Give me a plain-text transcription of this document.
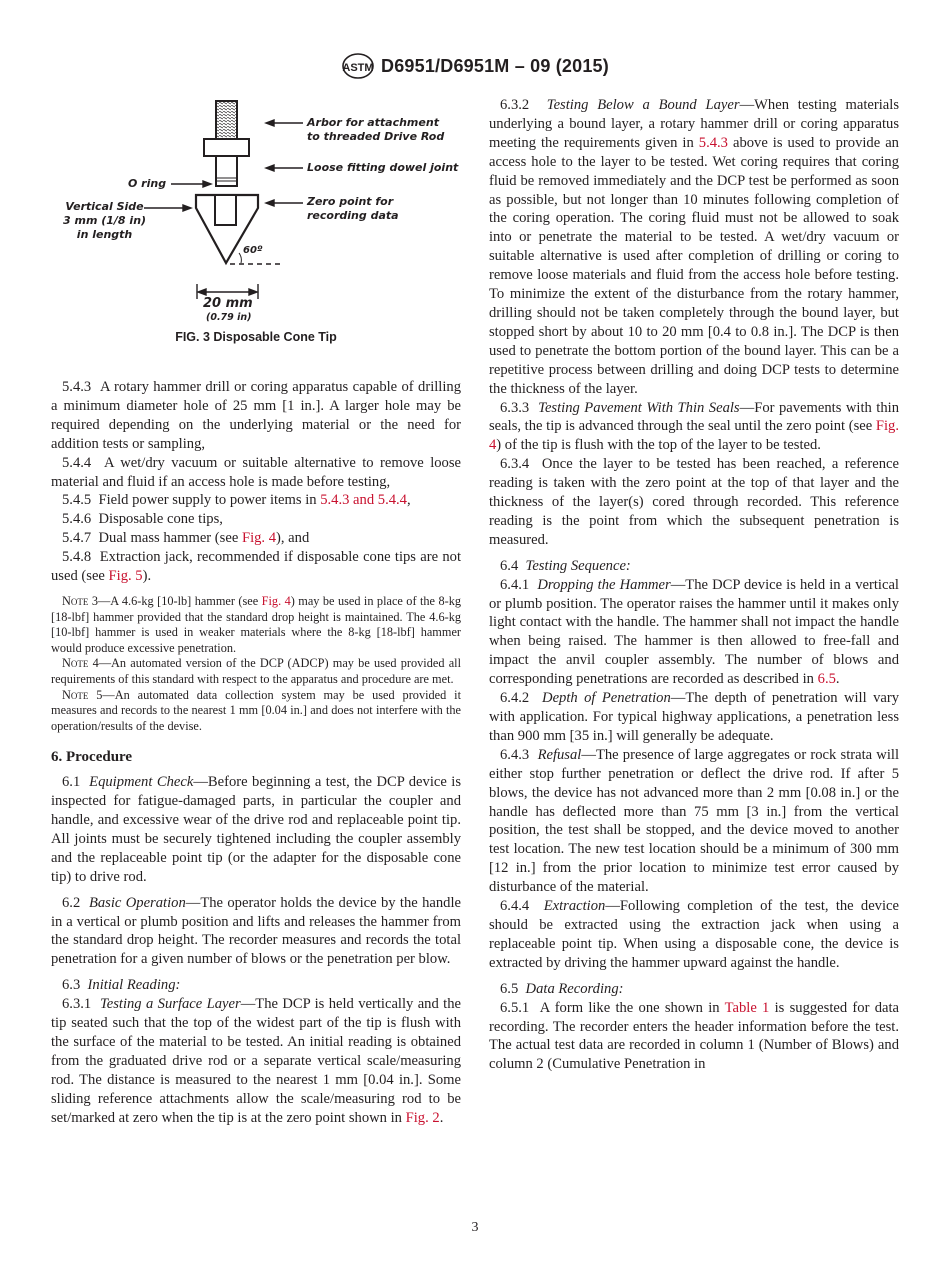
ASTM D6951/D6951M – 09 (2015)
Arbor for attachment
to threaded Drive Rod
Loose fitting dowel joint
O ring
Vertical Side
3 mm (1/8 in)
in length
Zero point for
recording data
60º
20 mm
(0.79 in)
FIG. 3 Disposable Cone Tip

5.4.3 A rotary hammer drill or coring apparatus capable of drilling a minimum diameter hole of 25 mm [1 in.]. A larger hole may be required depending on the underlying material or the need for addition tests or sampling,

5.4.4 A wet/dry vacuum or suitable alternative to remove loose material and fluid if an access hole is made before testing,

5.4.5 Field power supply to power items in 5.4.3 and 5.4.4,

5.4.6 Disposable cone tips,

5.4.7 Dual mass hammer (see Fig. 4), and

5.4.8 Extraction jack, recommended if disposable cone tips are not used (see Fig. 5).

Note 3—A 4.6-kg [10-lb] hammer (see Fig. 4) may be used in place of the 8-kg [18-lbf] hammer provided that the standard drop height is maintained. The 4.6-kg [10-lbf] hammer is used in weaker materials where the 8-kg [18-lbf] hammer would produce excessive penetration.

Note 4—An automated version of the DCP (ADCP) may be used provided all requirements of this standard with respect to the apparatus and procedure are met.

Note 5—An automated data collection system may be used provided it measures and records to the nearest 1 mm [0.04 in.] and does not interfere with the operation/results of the devise.

6. Procedure

6.1 Equipment Check—Before beginning a test, the DCP device is inspected for fatigue-damaged parts, in particular the coupler and handle, and excessive wear of the drive rod and replaceable point tip. All joints must be securely tightened including the coupler assembly and the replaceable point tip (or the adapter for the disposable cone tip) to drive rod.

6.2 Basic Operation—The operator holds the device by the handle in a vertical or plumb position and lifts and releases the hammer from the standard drop height. The recorder measures and records the total penetration for a given number of blows or the penetration per blow.

6.3 Initial Reading:

6.3.1 Testing a Surface Layer—The DCP is held vertically and the tip seated such that the top of the widest part of the tip is flush with the surface of the material to be tested. An initial reading is obtained from the graduated drive rod or a separate vertical scale/measuring rod. The distance is measured to the nearest 1 mm [0.04 in.]. Some sliding reference attachments allow the scale/measuring rod to be set/marked at zero when the tip is at the zero point shown in Fig. 2.

6.3.2 Testing Below a Bound Layer—When testing materials underlying a bound layer, a rotary hammer drill or coring apparatus meeting the requirements given in 5.4.3 above is used to provide an access hole to the layer to be tested. Wet coring requires that coring fluid be removed immediately and the DCP test be performed as soon as possible, but not longer than 10 minutes following completion of the coring operation. The coring fluid must not be allowed to soak into or penetrate the material to be tested. A wet/dry vacuum or suitable alternative is used after completion of drilling or coring to remove loose materials and fluid from the access hole before testing. To minimize the extent of the disturbance from the rotary hammer, drilling should not be taken completely through the bound layer, but stopped short by about 10 to 20 mm [0.4 to 0.8 in.]. The DCP is then used to penetrate the bottom portion of the bound layer. This can be a repetitive process between drilling and doing DCP tests to determine the thickness of the layer.

6.3.3 Testing Pavement With Thin Seals—For pavements with thin seals, the tip is advanced through the seal until the zero point (see Fig. 4) of the tip is flush with the top of the layer to be tested.

6.3.4 Once the layer to be tested has been reached, a reference reading is taken with the zero point at the top of that layer and the thickness of the layer(s) cored through recorded. This reference reading is the point from which the subsequent penetration is measured.

6.4 Testing Sequence:

6.4.1 Dropping the Hammer—The DCP device is held in a vertical or plumb position. The operator raises the hammer until it makes only light contact with the handle. The hammer shall not impact the handle when being raised. The hammer is then allowed to free-fall and impact the anvil coupler assembly. The number of blows and corresponding penetrations are recorded as described in 6.5.

6.4.2 Depth of Penetration—The depth of penetration will vary with application. For typical highway applications, a penetration less than 900 mm [35 in.] will generally be adequate.

6.4.3 Refusal—The presence of large aggregates or rock strata will either stop further penetration or deflect the drive rod. If after 5 blows, the device has not advanced more than 2 mm [0.08 in.] or the handle has deflected more than 75 mm [3 in.] from the vertical position, the test shall be stopped, and the device moved to another test location. The new test location should be a minimum of 300 mm [12 in.] from the prior location to minimize test error caused by disturbance of the material.

6.4.4 Extraction—Following completion of the test, the device should be extracted using the extraction jack when using a replaceable point tip. When using a disposable cone, the device is extracted by driving the hammer upward against the handle.

6.5 Data Recording:

6.5.1 A form like the one shown in Table 1 is suggested for data recording. The recorder enters the header information before the test. The actual test data are recorded in column 1 (Number of Blows) and column 2 (Cumulative Penetration in

3
